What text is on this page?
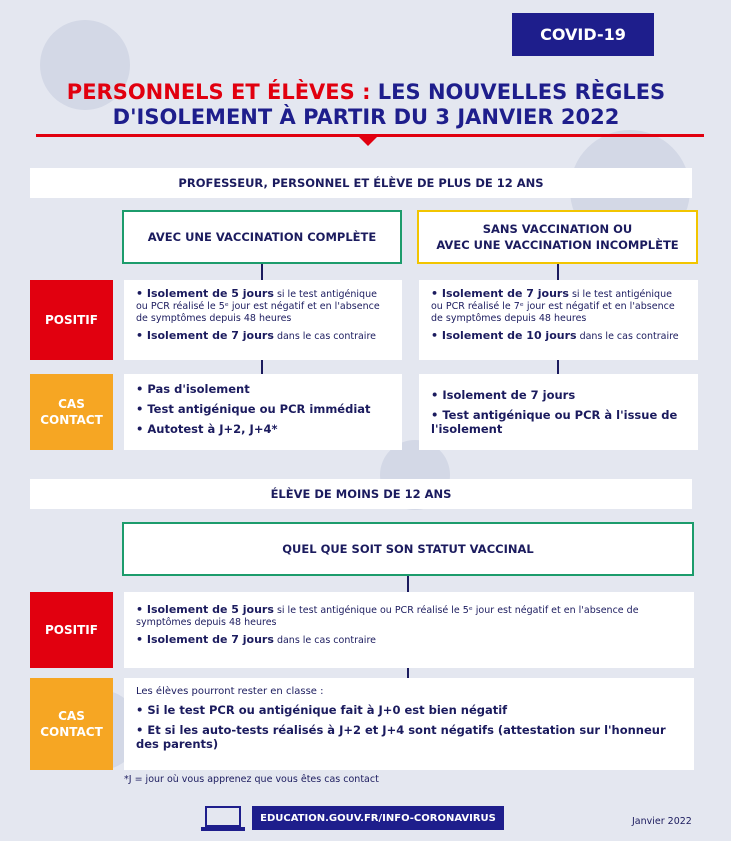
COVID-19
PERSONNELS ET ÉLÈVES : LES NOUVELLES RÈGLES
D'ISOLEMENT À PARTIR DU 3 JANVIER 2022
PROFESSEUR, PERSONNEL ET ÉLÈVE DE PLUS DE 12 ANS
AVEC UNE VACCINATION COMPLÈTE
SANS VACCINATION OU
AVEC UNE VACCINATION INCOMPLÈTE
POSITIF
• Isolement de 5 jours si le test antigénique ou PCR réalisé le 5ᵉ jour est négatif et en l'absence de symptômes depuis 48 heures
• Isolement de 7 jours dans le cas contraire
• Isolement de 7 jours si le test antigénique ou PCR réalisé le 7ᵉ jour est négatif et en l'absence de symptômes depuis 48 heures
• Isolement de 10 jours dans le cas contraire
CAS
CONTACT
• Pas d'isolement
• Test antigénique ou PCR immédiat
• Autotest à J+2, J+4*
• Isolement de 7 jours
• Test antigénique ou PCR à l'issue de l'isolement
ÉLÈVE DE MOINS DE 12 ANS
QUEL QUE SOIT SON STATUT VACCINAL
POSITIF
• Isolement de 5 jours si le test antigénique ou PCR réalisé le 5ᵉ jour est négatif et en l'absence de symptômes depuis 48 heures
• Isolement de 7 jours dans le cas contraire
CAS
CONTACT
Les élèves pourront rester en classe :
• Si le test PCR ou antigénique fait à J+0 est bien négatif
• Et si les auto-tests réalisés à J+2 et J+4 sont négatifs (attestation sur l'honneur des parents)
*J = jour où vous apprenez que vous êtes cas contact
EDUCATION.GOUV.FR/INFO-CORONAVIRUS	Janvier 2022
